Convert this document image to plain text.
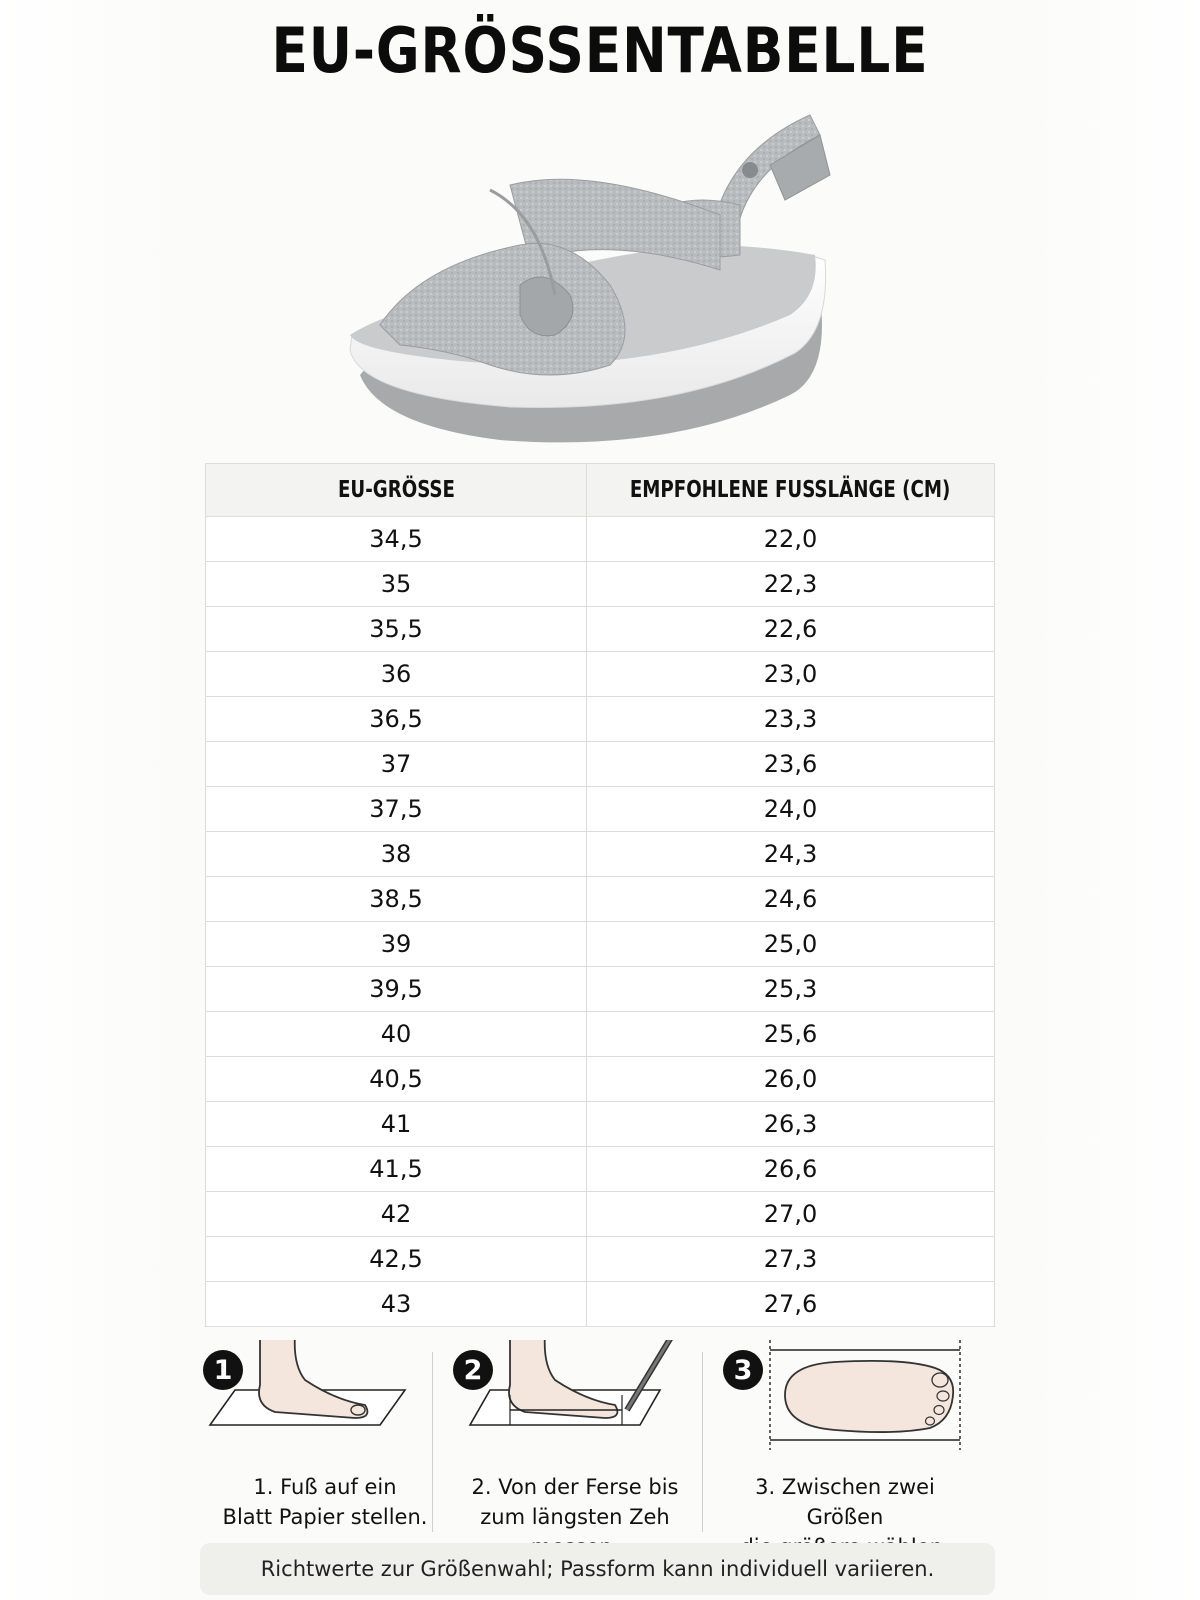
EU-GRÖSSENTABELLE
EU-GRÖSSE	EMPFOHLENE FUSSLÄNGE (CM)
34,5	22,0
35	22,3
35,5	22,6
36	23,0
36,5	23,3
37	23,6
37,5	24,0
38	24,3
38,5	24,6
39	25,0
39,5	25,3
40	25,6
40,5	26,0
41	26,3
41,5	26,6
42	27,0
42,5	27,3
43	27,6
1
1. Fuß auf ein
Blatt Papier stellen.
2
2. Von der Ferse bis
zum längsten Zeh
3
3. Zwischen zwei Größen
Richtwerte zur Größenwahl; Passform kann individuell variieren.
